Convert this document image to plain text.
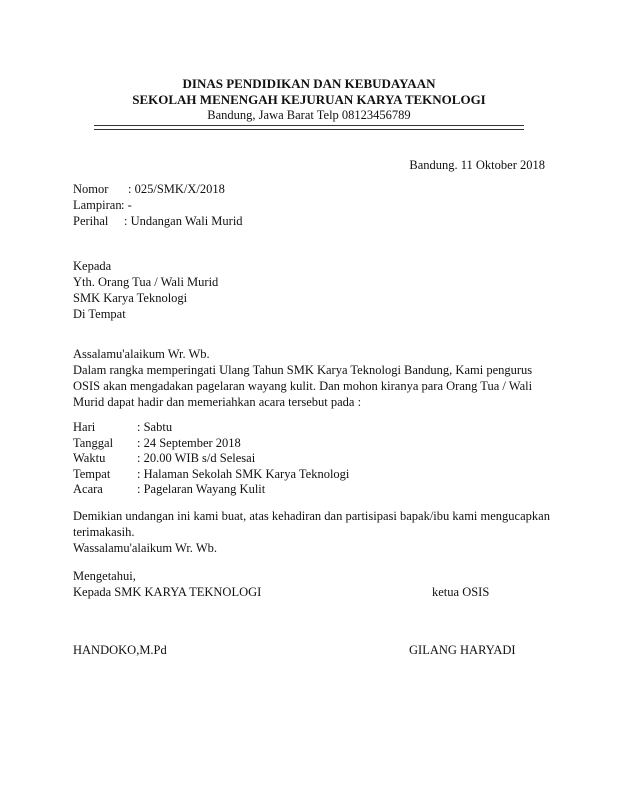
DINAS PENDIDIKAN DAN KEBUDAYAAN
SEKOLAH MENENGAH KEJURUAN KARYA TEKNOLOGI
Bandung, Jawa Barat Telp 08123456789
Bandung. 11 Oktober 2018
Nomor : 025/SMK/X/2018
Lampiran: -
Perihal : Undangan Wali Murid
Kepada
Yth. Orang Tua / Wali Murid
SMK Karya Teknologi
Di Tempat

Assalamu'alaikum Wr. Wb.

Dalam rangka memperingati Ulang Tahun SMK Karya Teknologi Bandung, Kami pengurus OSIS akan mengadakan pagelaran wayang kulit. Dan mohon kiranya para Orang Tua / Wali Murid dapat hadir dan memeriahkan acara tersebut pada :

Hari	: Sabtu
Tanggal : 24 September 2018
Waktu	: 20.00 WIB s/d Selesai
Tempat : Halaman Sekolah SMK Karya Teknologi
Acara	: Pagelaran Wayang Kulit

Demikian undangan ini kami buat, atas kehadiran dan partisipasi bapak/ibu kami mengucapkan terimakasih.

Wassalamu'alaikum Wr. Wb.

Mengetahui,
Kepada SMK KARYA TEKNOLOGI	ketua OSIS
HANDOKO,M.Pd	GILANG HARYADI
